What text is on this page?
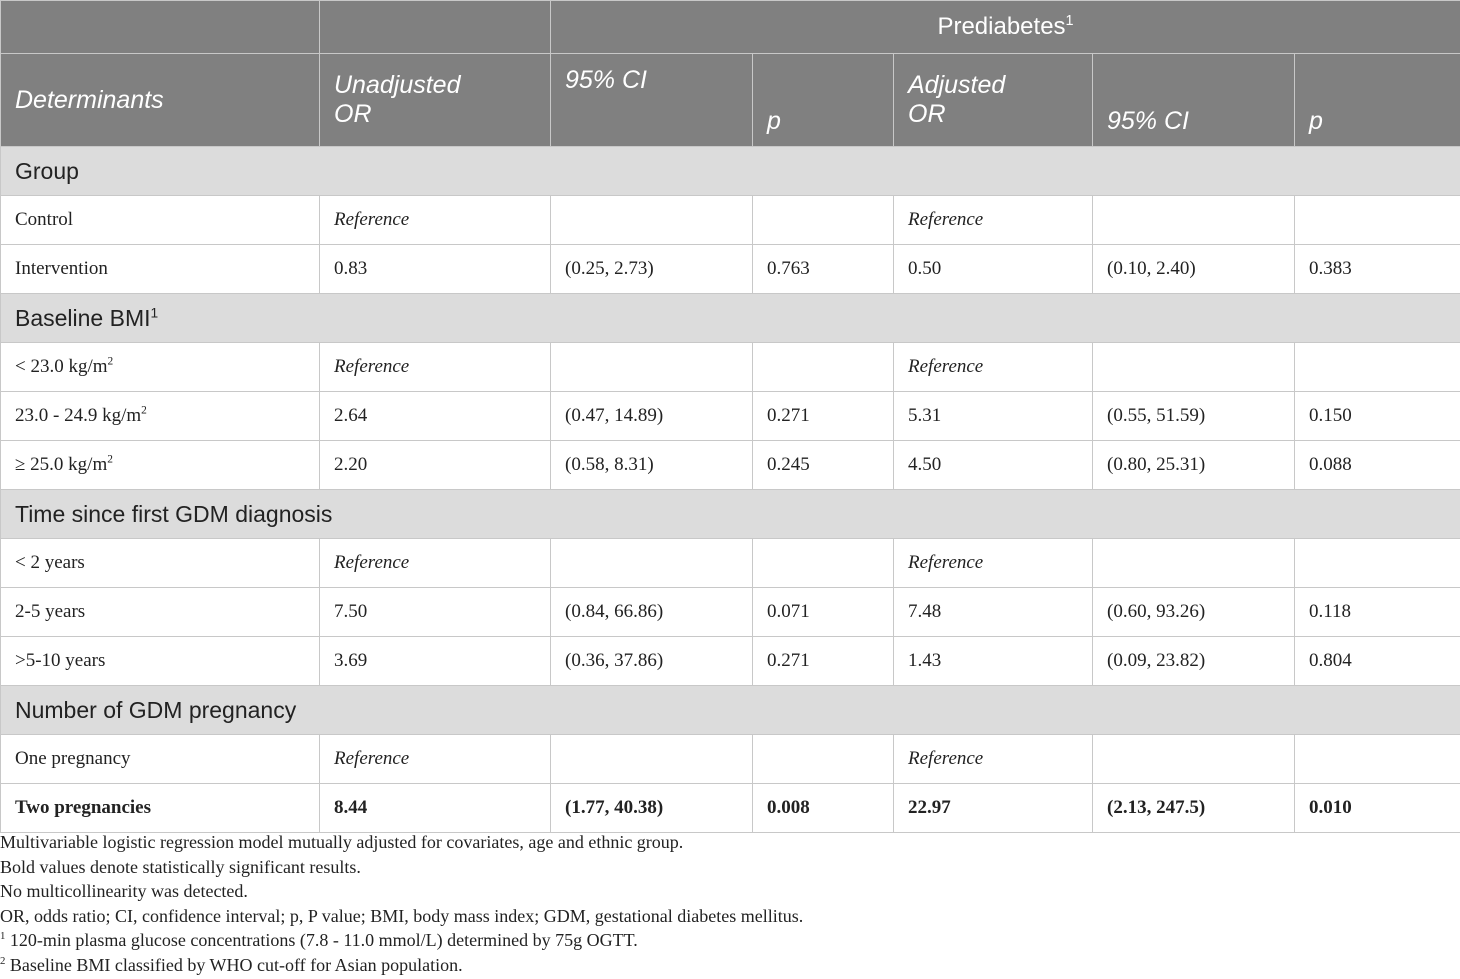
		Prediabetes$^1$
Determinants	Unadjusted OR	95% CI	p	Adjusted OR	95% CI	p
Group						
Control	Reference			Reference		
Intervention	0.83	(0.25, 2.73)	0.763	0.50	(0.10, 2.40)	0.383
Baseline $BMI^1$
< 23.0 $kg/m^2$	Reference			Reference		
23.0 - 24.9 $kg/m^2$	2.64	(0.47, 14.89)	0.271	5.31	(0.55, 51.59)	0.150
≥ 25.0 $kg/m^2$	2.20	(0.58, 8.31)	0.245	4.50	(0.80, 25.31)	0.088
Time since first GDM diagnosis						
< 2 years	Reference			Reference		
2-5 years	7.50	(0.84, 66.86)	0.071	7.48	(0.60, 93.26)	0.118
>5-10 years	3.69	(0.36, 37.86)	0.271	1.43	(0.09, 23.82)	0.804
Number of GDM pregnancy						
One pregnancy	Reference			Reference		
Two pregnancies	8.44	(1.77, 40.38)	0.008	22.97	(2.13, 247.5)	0.010
Multivariable logistic regression model mutually adjusted for covariates, age and ethnic group.
Bold values denote statistically significant results.
No multicollinearity was detected.
OR, odds ratio; CI, confidence interval; p, P value; BMI, body mass index; GDM, gestational diabetes mellitus.
$^1$ 120-min plasma glucose concentrations (7.8 - 11.0 mmol/L) determined by 75g OGTT.
$^2$ Baseline BMI classified by WHO cut-off for Asian population.
